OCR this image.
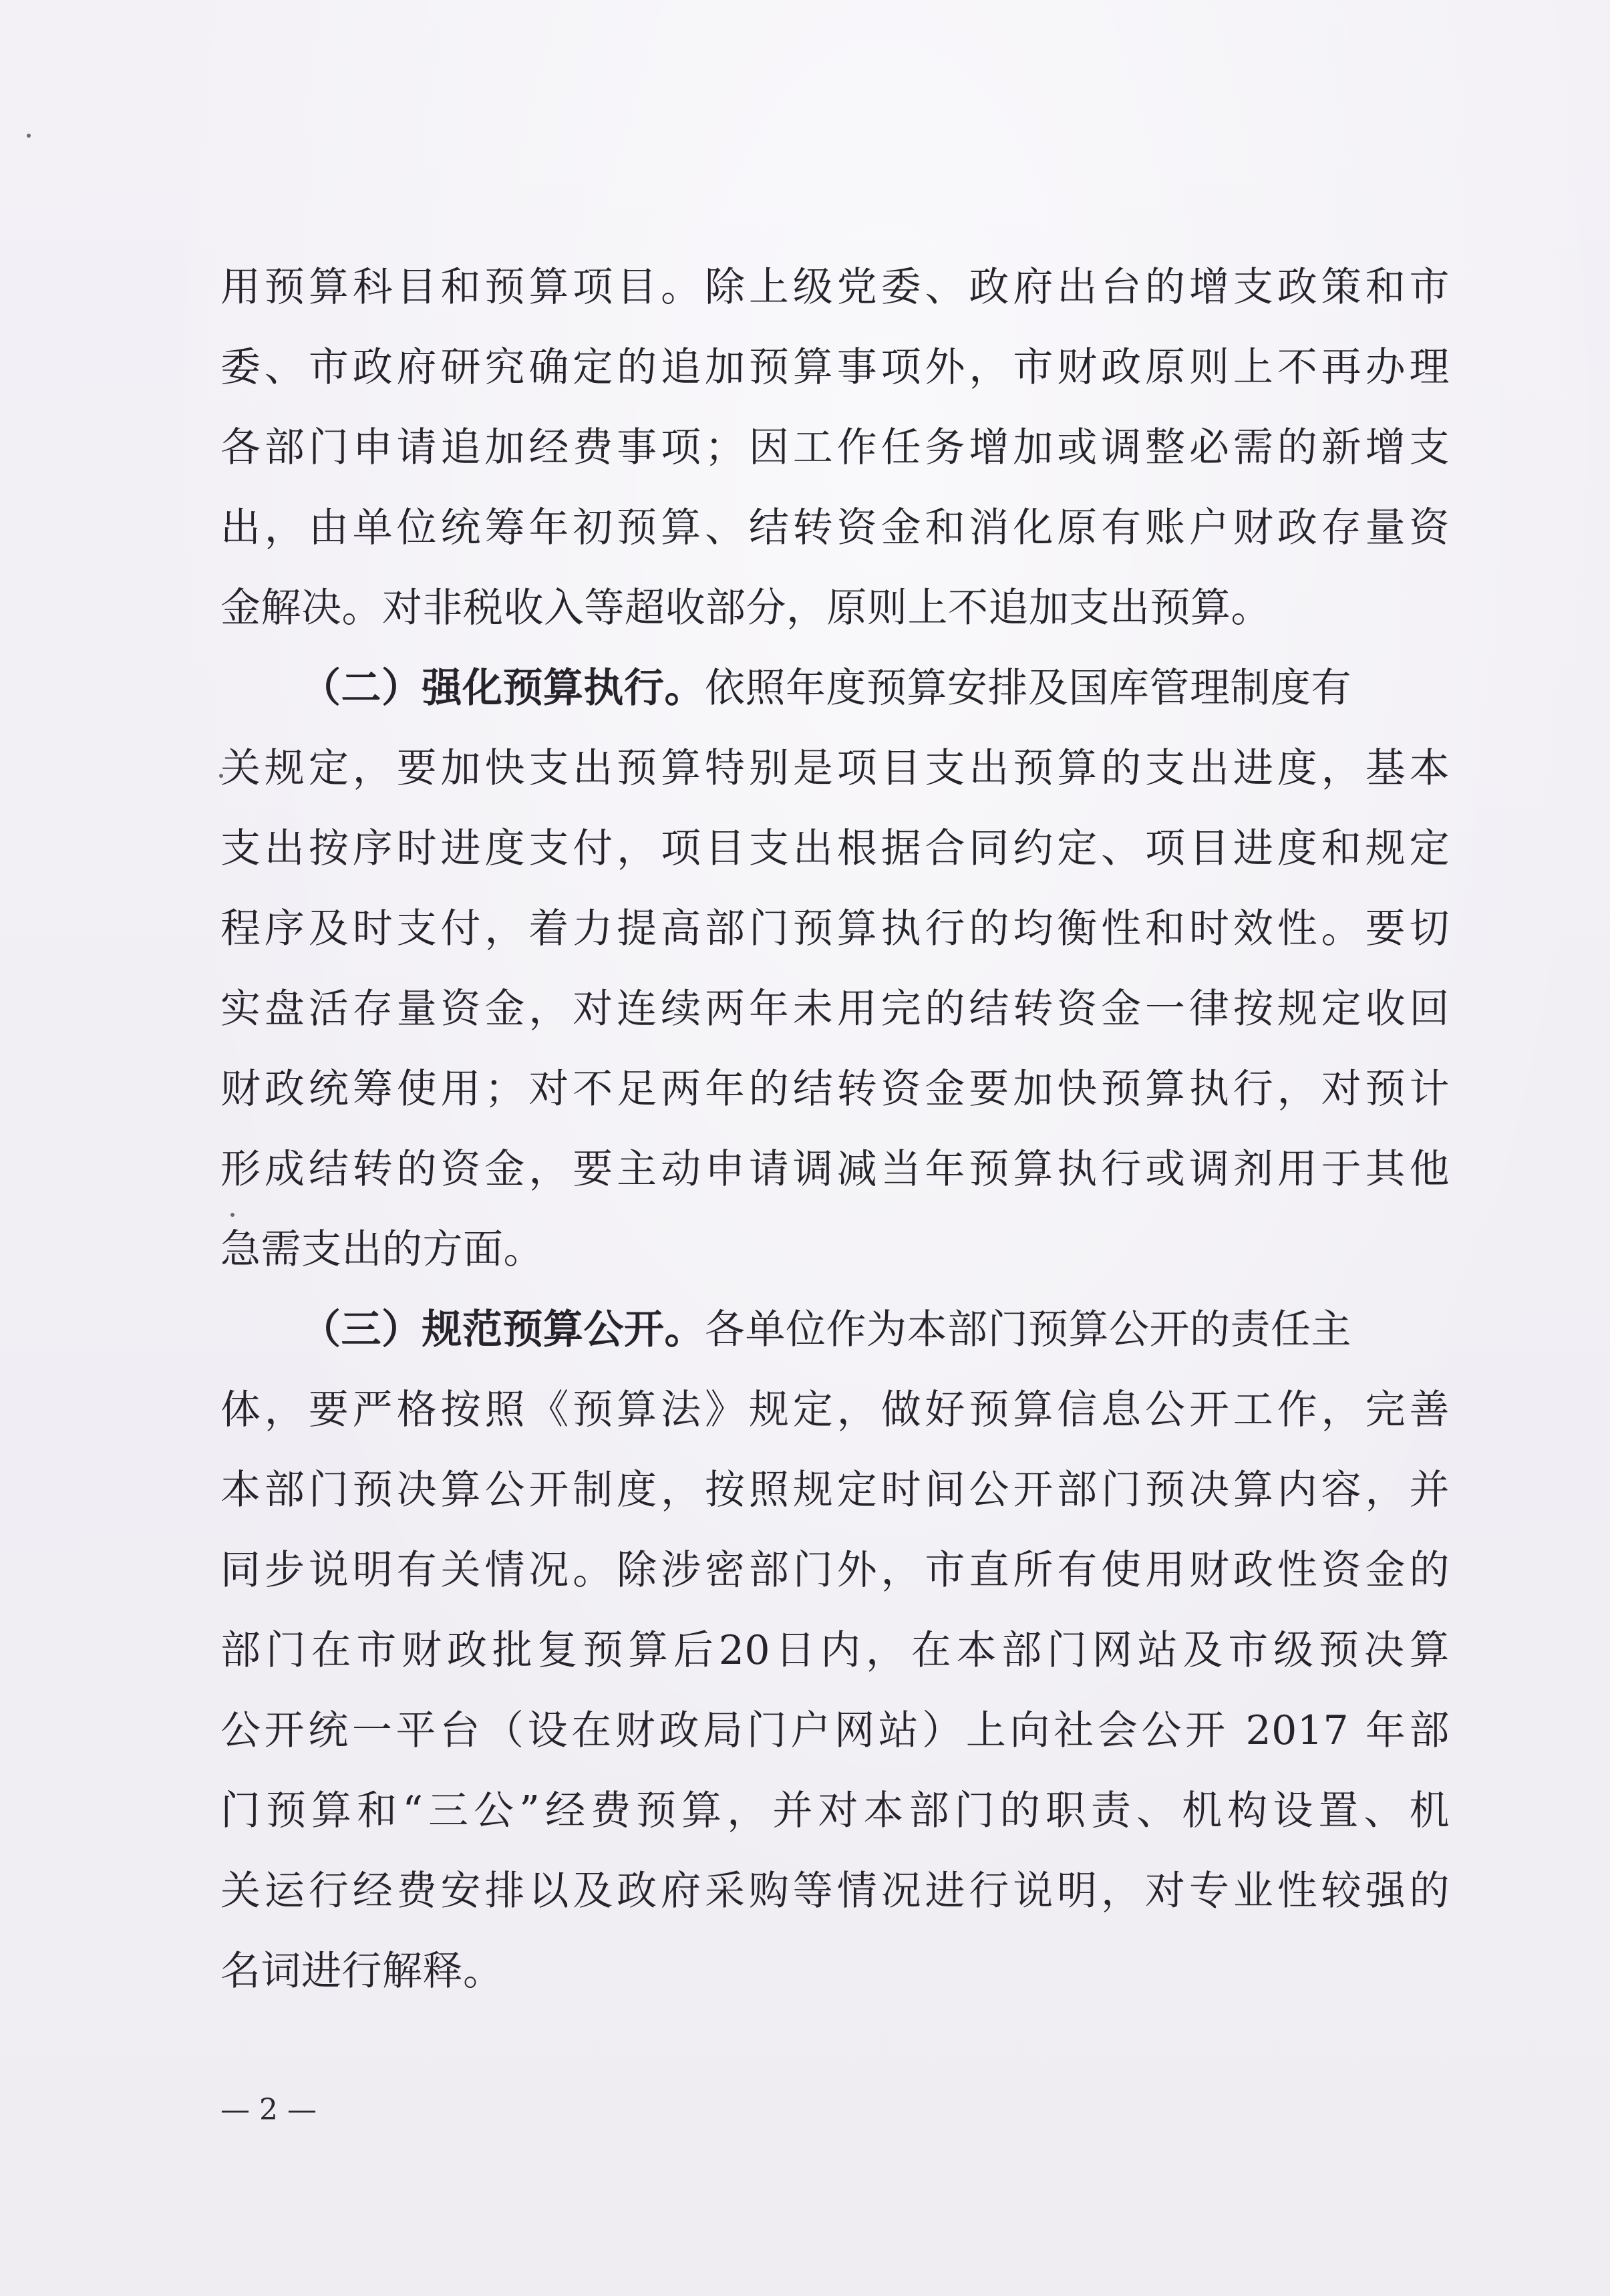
用预算科目和预算项目。除上级党委、政府出台的增支政策和市
委、市政府研究确定的追加预算事项外，市财政原则上不再办理
各部门申请追加经费事项；因工作任务增加或调整必需的新增支
出，由单位统筹年初预算、结转资金和消化原有账户财政存量资
金解决。对非税收入等超收部分，原则上不追加支出预算。
（二）强化预算执行。依照年度预算安排及国库管理制度有
关规定，要加快支出预算特别是项目支出预算的支出进度，基本
支出按序时进度支付，项目支出根据合同约定、项目进度和规定
程序及时支付，着力提高部门预算执行的均衡性和时效性。要切
实盘活存量资金，对连续两年未用完的结转资金一律按规定收回
财政统筹使用；对不足两年的结转资金要加快预算执行，对预计
形成结转的资金，要主动申请调减当年预算执行或调剂用于其他
急需支出的方面。
（三）规范预算公开。各单位作为本部门预算公开的责任主
体，要严格按照《预算法》规定，做好预算信息公开工作，完善
本部门预决算公开制度，按照规定时间公开部门预决算内容，并
同步说明有关情况。除涉密部门外，市直所有使用财政性资金的
部门在市财政批复预算后20日内，在本部门网站及市级预决算
公开统一平台（设在财政局门户网站）上向社会公开 2017 年部
门预算和“三公”经费预算，并对本部门的职责、机构设置、机
关运行经费安排以及政府采购等情况进行说明，对专业性较强的
名词进行解释。
— 2 —
